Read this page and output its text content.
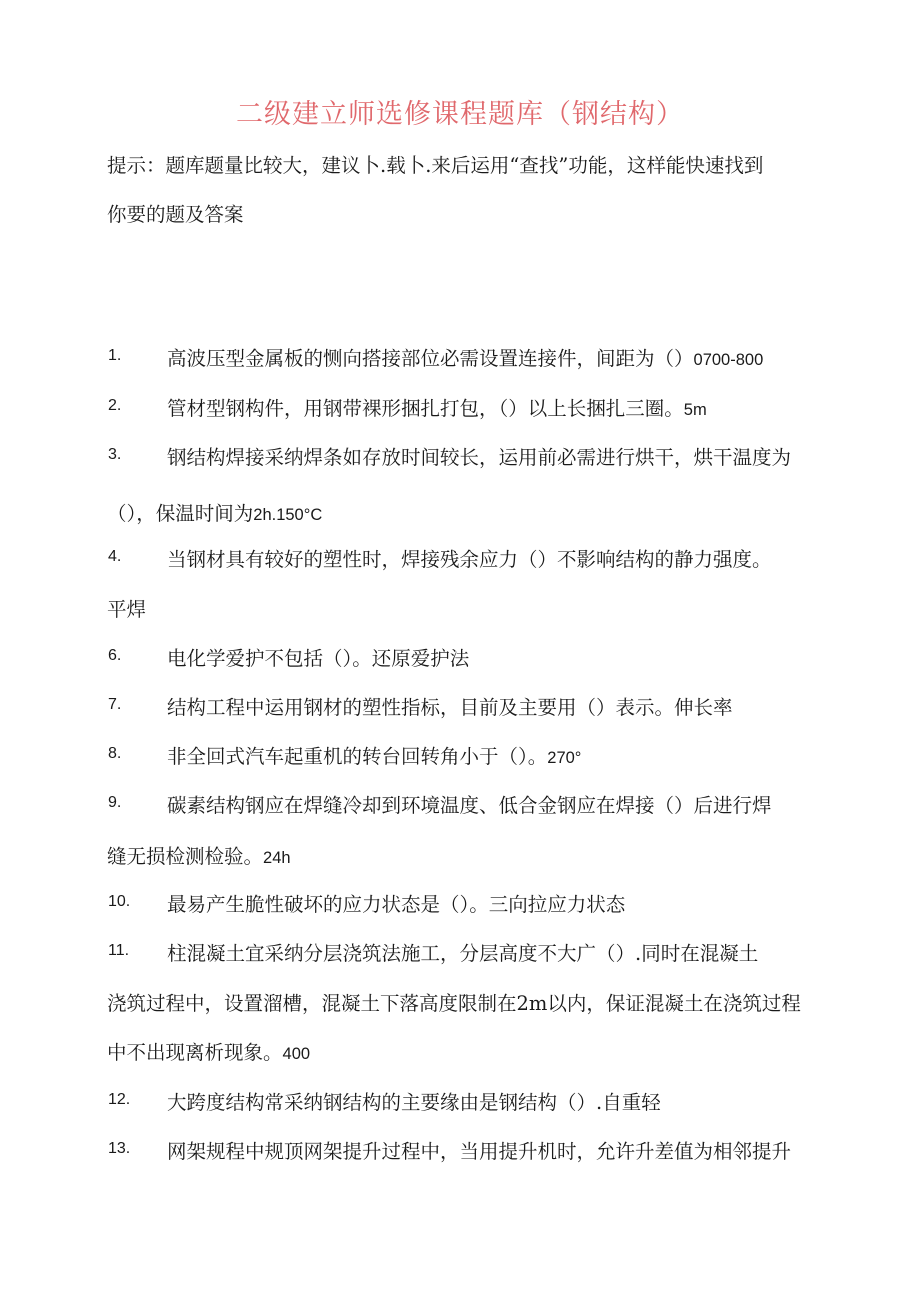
二级建立师选修课程题库（钢结构）
提示：题库题量比较大，建议卜.载卜.来后运用“查找”功能，这样能快速找到
你要的题及答案
1. 高波压型金属板的恻向搭接部位必需设置连接件，间距为（）0700-800
2. 管材型钢构件，用钢带裸形捆扎打包，（）以上长捆扎三圈。5m
3. 钢结构焊接采纳焊条如存放时间较长，运用前必需进行烘干，烘干温度为
（），保温时间为2h.150°C
4. 当钢材具有较好的塑性时，焊接残余应力（）不影响结构的静力强度。
平焊
6. 电化学爱护不包括（）。还原爱护法
7. 结构工程中运用钢材的塑性指标，目前及主要用（）表示。伸长率
8. 非全回式汽车起重机的转台回转角小于（）。270°
9. 碳素结构钢应在焊缝冷却到环境温度、低合金钢应在焊接（）后进行焊
缝无损检测检验。24h
10. 最易产生脆性破坏的应力状态是（）。三向拉应力状态
11. 柱混凝土宜采纳分层浇筑法施工，分层高度不大广（）.同时在混凝土
浇筑过程中，设置溜槽，混凝土下落高度限制在2m以内，保证混凝土在浇筑过程
中不出现离析现象。400
12. 大跨度结构常采纳钢结构的主要缘由是钢结构（）.自重轻
13. 网架规程中规顶网架提升过程中，当用提升机时，允许升差值为相邻提升
